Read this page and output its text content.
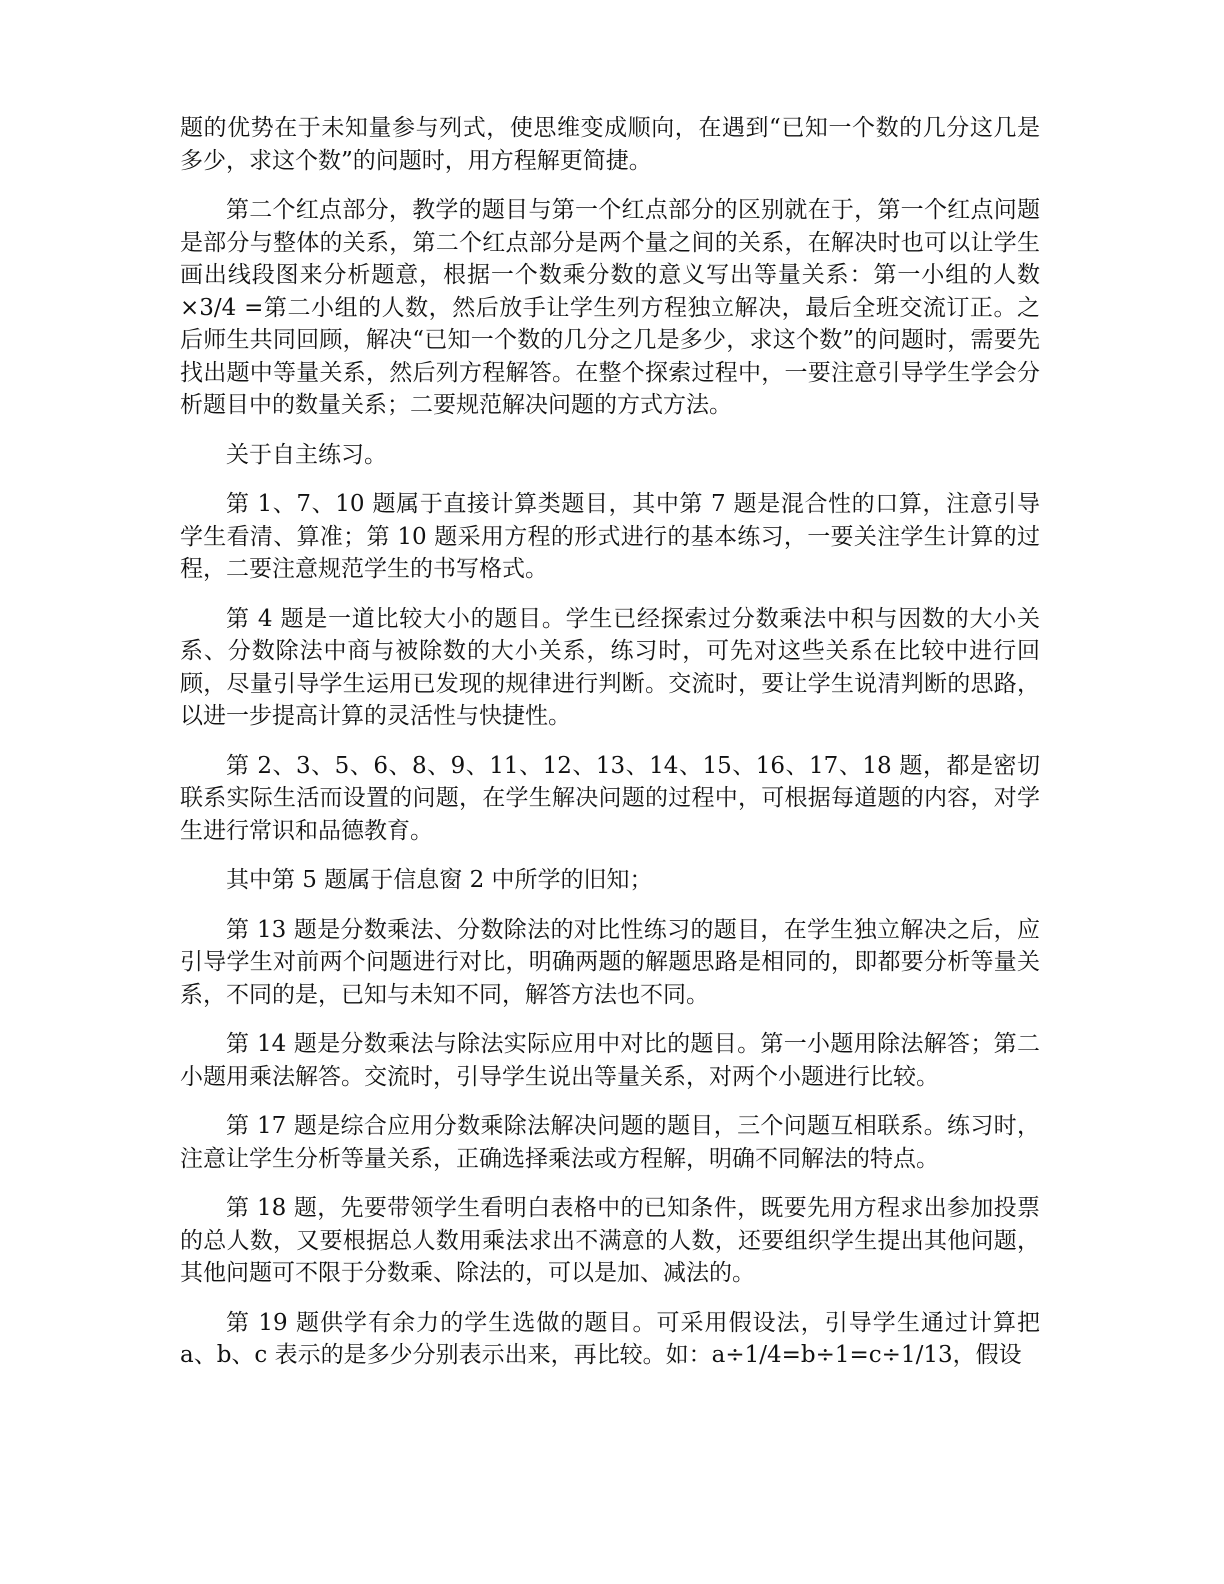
题的优势在于未知量参与列式，使思维变成顺向，在遇到“已知一个数的几分这几是多少，求这个数”的问题时，用方程解更简捷。

第二个红点部分，教学的题目与第一个红点部分的区别就在于，第一个红点问题是部分与整体的关系，第二个红点部分是两个量之间的关系，在解决时也可以让学生画出线段图来分析题意，根据一个数乘分数的意义写出等量关系：第一小组的人数×3/4 =第二小组的人数，然后放手让学生列方程独立解决，最后全班交流订正。之后师生共同回顾，解决“已知一个数的几分之几是多少，求这个数”的问题时，需要先找出题中等量关系，然后列方程解答。在整个探索过程中，一要注意引导学生学会分析题目中的数量关系；二要规范解决问题的方式方法。

关于自主练习。

第 1、7、10 题属于直接计算类题目，其中第 7 题是混合性的口算，注意引导学生看清、算准；第 10 题采用方程的形式进行的基本练习，一要关注学生计算的过程，二要注意规范学生的书写格式。

第 4 题是一道比较大小的题目。学生已经探索过分数乘法中积与因数的大小关系、分数除法中商与被除数的大小关系，练习时，可先对这些关系在比较中进行回顾，尽量引导学生运用已发现的规律进行判断。交流时，要让学生说清判断的思路，以进一步提高计算的灵活性与快捷性。

第 2、3、5、6、8、9、11、12、13、14、15、16、17、18 题，都是密切联系实际生活而设置的问题，在学生解决问题的过程中，可根据每道题的内容，对学生进行常识和品德教育。

其中第 5 题属于信息窗 2 中所学的旧知；

第 13 题是分数乘法、分数除法的对比性练习的题目，在学生独立解决之后，应引导学生对前两个问题进行对比，明确两题的解题思路是相同的，即都要分析等量关系，不同的是，已知与未知不同，解答方法也不同。

第 14 题是分数乘法与除法实际应用中对比的题目。第一小题用除法解答；第二小题用乘法解答。交流时，引导学生说出等量关系，对两个小题进行比较。

第 17 题是综合应用分数乘除法解决问题的题目，三个问题互相联系。练习时，注意让学生分析等量关系，正确选择乘法或方程解，明确不同解法的特点。

第 18 题，先要带领学生看明白表格中的已知条件，既要先用方程求出参加投票的总人数，又要根据总人数用乘法求出不满意的人数，还要组织学生提出其他问题，其他问题可不限于分数乘、除法的，可以是加、减法的。

第 19 题供学有余力的学生选做的题目。可采用假设法，引导学生通过计算把 a、b、c 表示的是多少分别表示出来，再比较。如：a÷1/4=b÷1=c÷1/13，假设
